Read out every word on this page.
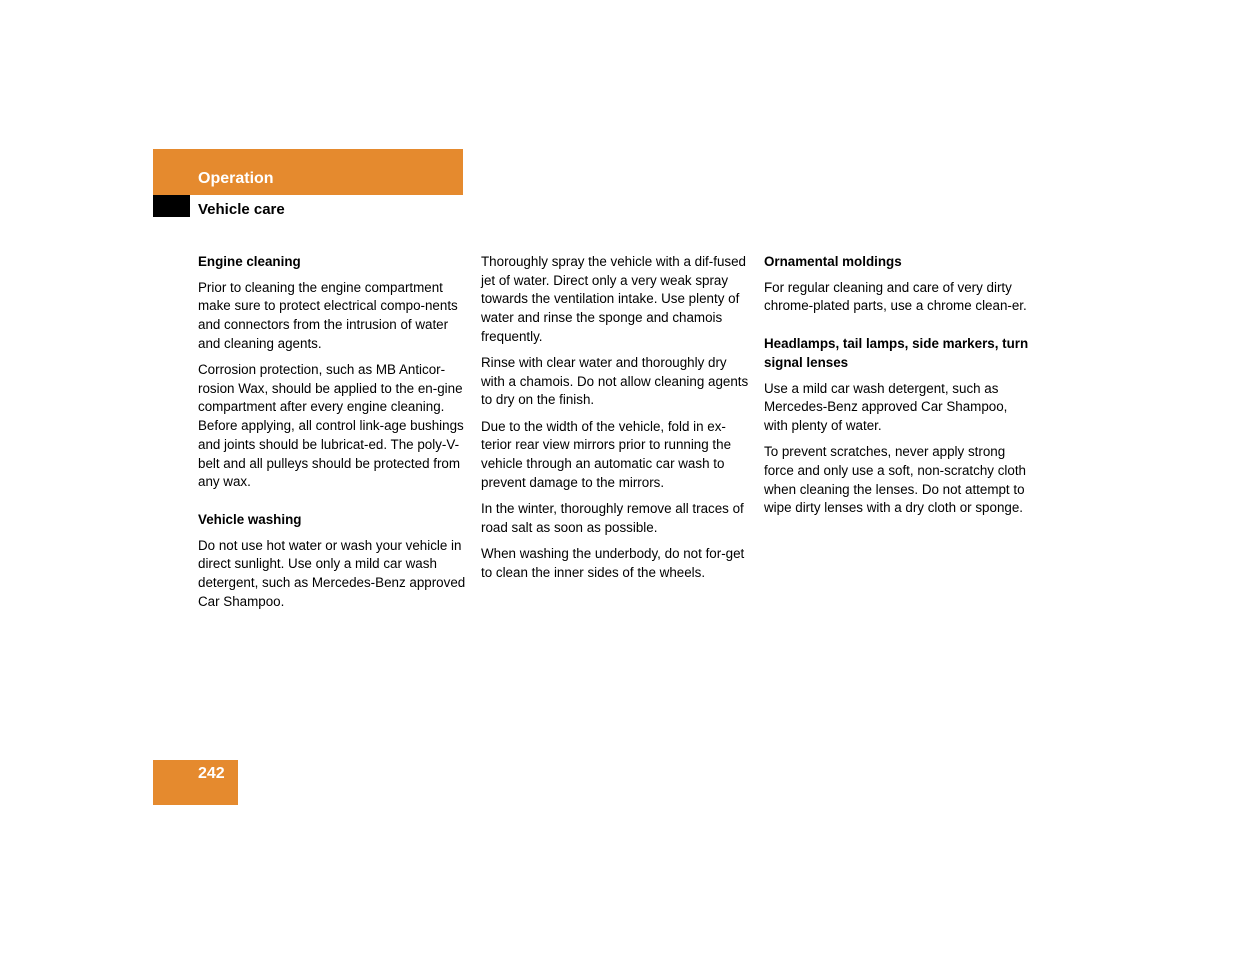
Operation
Vehicle care
Engine cleaning
Prior to cleaning the engine compartment make sure to protect electrical compo-nents and connectors from the intrusion of water and cleaning agents.
Corrosion protection, such as MB Anticor-rosion Wax, should be applied to the en-gine compartment after every engine cleaning. Before applying, all control link-age bushings and joints should be lubricat-ed. The poly-V-belt and all pulleys should be protected from any wax.
Vehicle washing
Do not use hot water or wash your vehicle in direct sunlight. Use only a mild car wash detergent, such as Mercedes-Benz approved Car Shampoo.
Thoroughly spray the vehicle with a dif-fused jet of water. Direct only a very weak spray towards the ventilation intake. Use plenty of water and rinse the sponge and chamois frequently.
Rinse with clear water and thoroughly dry with a chamois. Do not allow cleaning agents to dry on the finish.
Due to the width of the vehicle, fold in ex-terior rear view mirrors prior to running the vehicle through an automatic car wash to prevent damage to the mirrors.
In the winter, thoroughly remove all traces of road salt as soon as possible.
When washing the underbody, do not for-get to clean the inner sides of the wheels.
Ornamental moldings
For regular cleaning and care of very dirty chrome-plated parts, use a chrome clean-er.
Headlamps, tail lamps, side markers, turn signal lenses
Use a mild car wash detergent, such as Mercedes-Benz approved Car Shampoo, with plenty of water.
To prevent scratches, never apply strong force and only use a soft, non-scratchy cloth when cleaning the lenses. Do not attempt to wipe dirty lenses with a dry cloth or sponge.
242
